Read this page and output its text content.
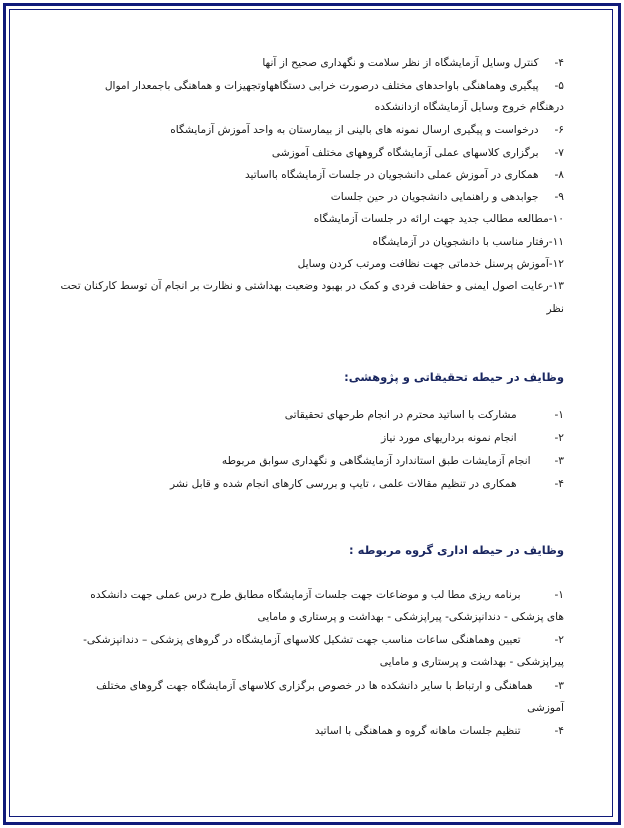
۴- کنترل وسایل آزمایشگاه از نظر سلامت و نگهداری صحیح از آنها
۵- پیگیری وهماهنگی باواحدهای مختلف درصورت خرابی دستگاههاوتجهیزات و هماهنگی باجمعدار اموال
درهنگام خروج وسایل آزمایشگاه ازدانشکده
۶- درخواست و پیگیری ارسال نمونه های بالینی از بیمارستان به واحد آموزش آزمایشگاه
۷- برگزاری کلاسهای عملی آزمایشگاه گروههای مختلف آموزشی
۸- همکاری در آموزش عملی دانشجویان در جلسات آزمایشگاه بااساتید
۹- جوابدهی و راهنمایی دانشجویان در حین جلسات
۱۰-مطالعه مطالب جدید جهت ارائه در جلسات آزمایشگاه
۱۱-رفتار مناسب با دانشجویان در آزمایشگاه
۱۲-آموزش پرسنل خدماتی جهت نظافت ومرتب کردن وسایل
۱۳-رعایت اصول ایمنی و حفاظت فردی و کمک در بهبود وضعیت بهداشتی و نظارت بر انجام آن توسط کارکنان تحت
نظر
وظایف در حیطه تحقیقاتی و پژوهشی:
۱- مشارکت با اساتید محترم در انجام طرحهای تحقیقاتی
۲- انجام نمونه برداریهای مورد نیاز
۳- انجام آزمایشات طبق استاندارد آزمایشگاهی و نگهداری سوابق مربوطه
۴- همکاری در تنظیم مقالات علمی ، تایپ و بررسی کارهای انجام شده و قابل نشر
وظایف در حیطه اداری گروه مربوطه :
۱- برنامه ریزی مطا لب و موضاعات جهت جلسات آزمایشگاه مطابق طرح درس عملی جهت دانشکده
های پزشکی - دندانپزشکی- پیراپزشکی - بهداشت و پرستاری و مامایی
۲- تعیین وهماهنگی ساعات مناسب جهت تشکیل کلاسهای آزمایشگاه در گروهای پزشکی – دندانپزشکی-
پیراپزشکی - بهداشت و پرستاری و مامایی
۳- هماهنگی و ارتباط با سایر دانشکده ها در خصوص برگزاری کلاسهای آزمایشگاه جهت گروهای مختلف
آموزشی
۴- تنظیم جلسات ماهانه گروه و هماهنگی با اساتید
